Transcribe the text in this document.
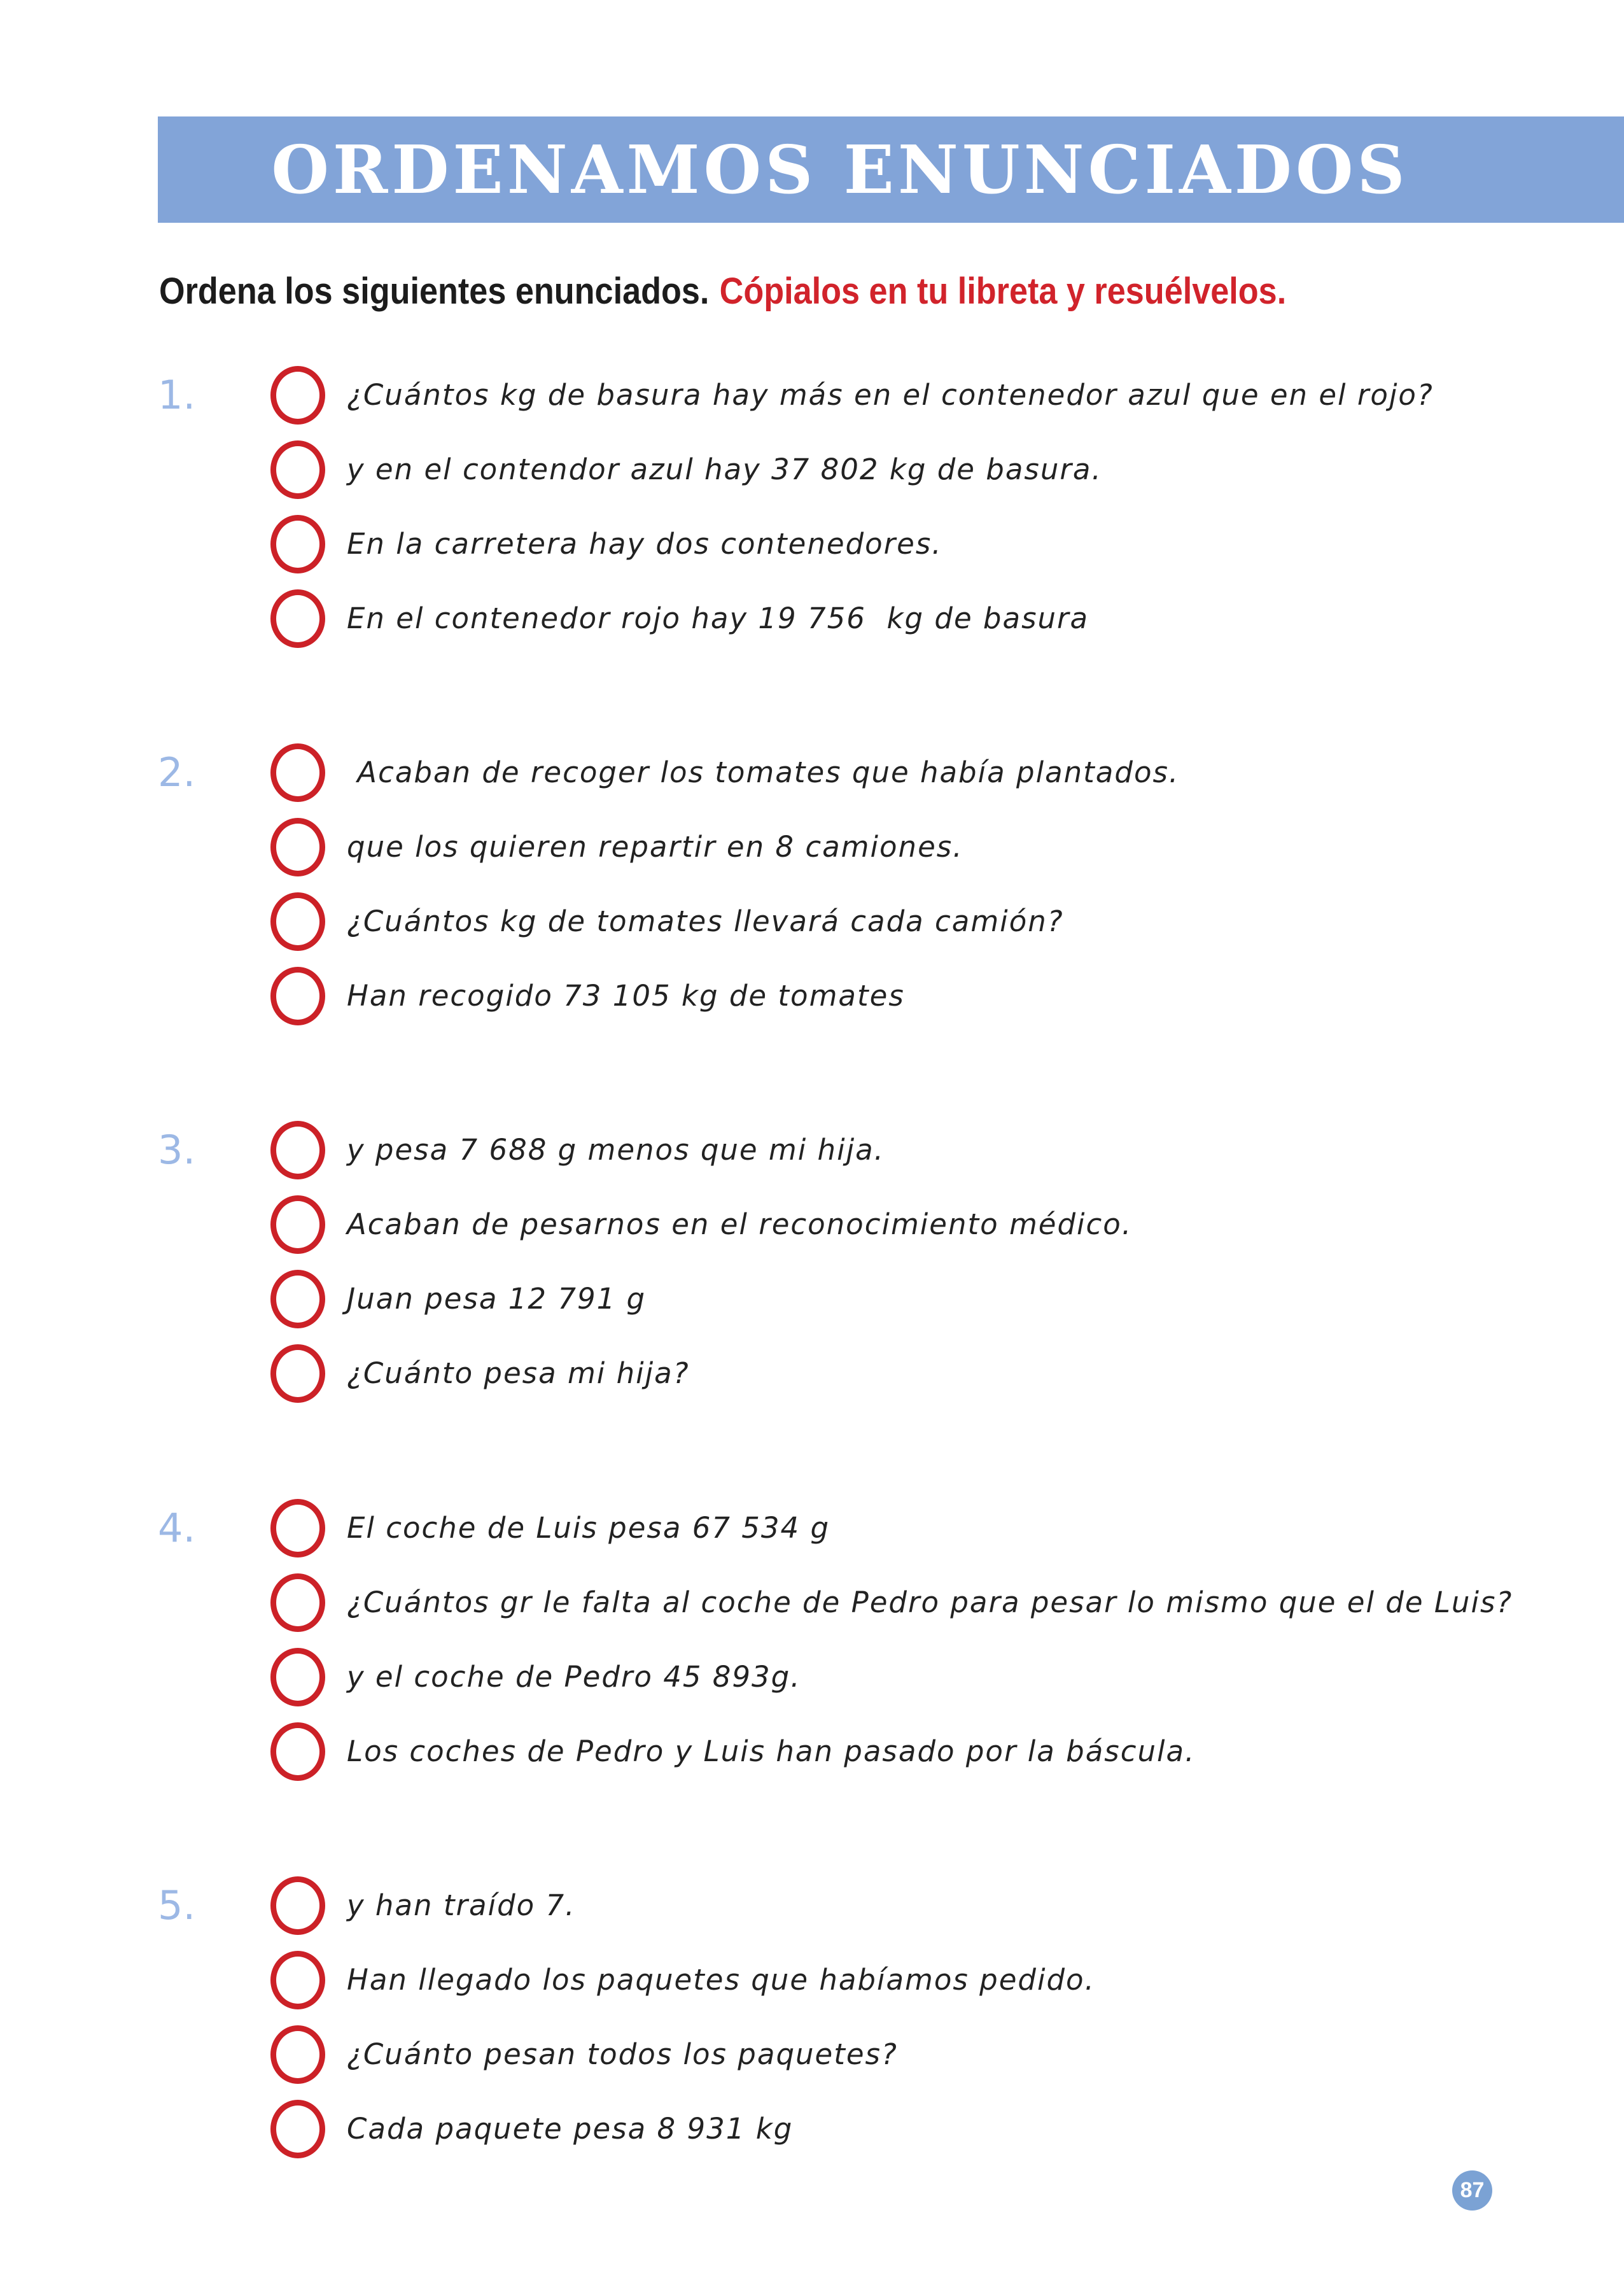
ORDENAMOS ENUNCIADOS

Ordena los siguientes enunciados. Cópialos en tu libreta y resuélvelos.

1.	¿Cuántos kg de basura hay más en el contenedor azul que en el rojo?
y en el contendor azul hay 37 802 kg de basura.
En la carretera hay dos contenedores.
En el contenedor rojo hay 19 756  kg de basura
2.	Acaban de recoger los tomates que había plantados.
que los quieren repartir en 8 camiones.
¿Cuántos kg de tomates llevará cada camión?
Han recogido 73 105 kg de tomates
3.	y pesa 7 688 g menos que mi hija.
Acaban de pesarnos en el reconocimiento médico.
Juan pesa 12 791 g
¿Cuánto pesa mi hija?
4.	El coche de Luis pesa 67 534 g
¿Cuántos gr le falta al coche de Pedro para pesar lo mismo que el de Luis?
y el coche de Pedro 45 893g.
Los coches de Pedro y Luis han pasado por la báscula.
5.	y han traído 7.
Han llegado los paquetes que habíamos pedido.
¿Cuánto pesan todos los paquetes?
Cada paquete pesa 8 931 kg
87
